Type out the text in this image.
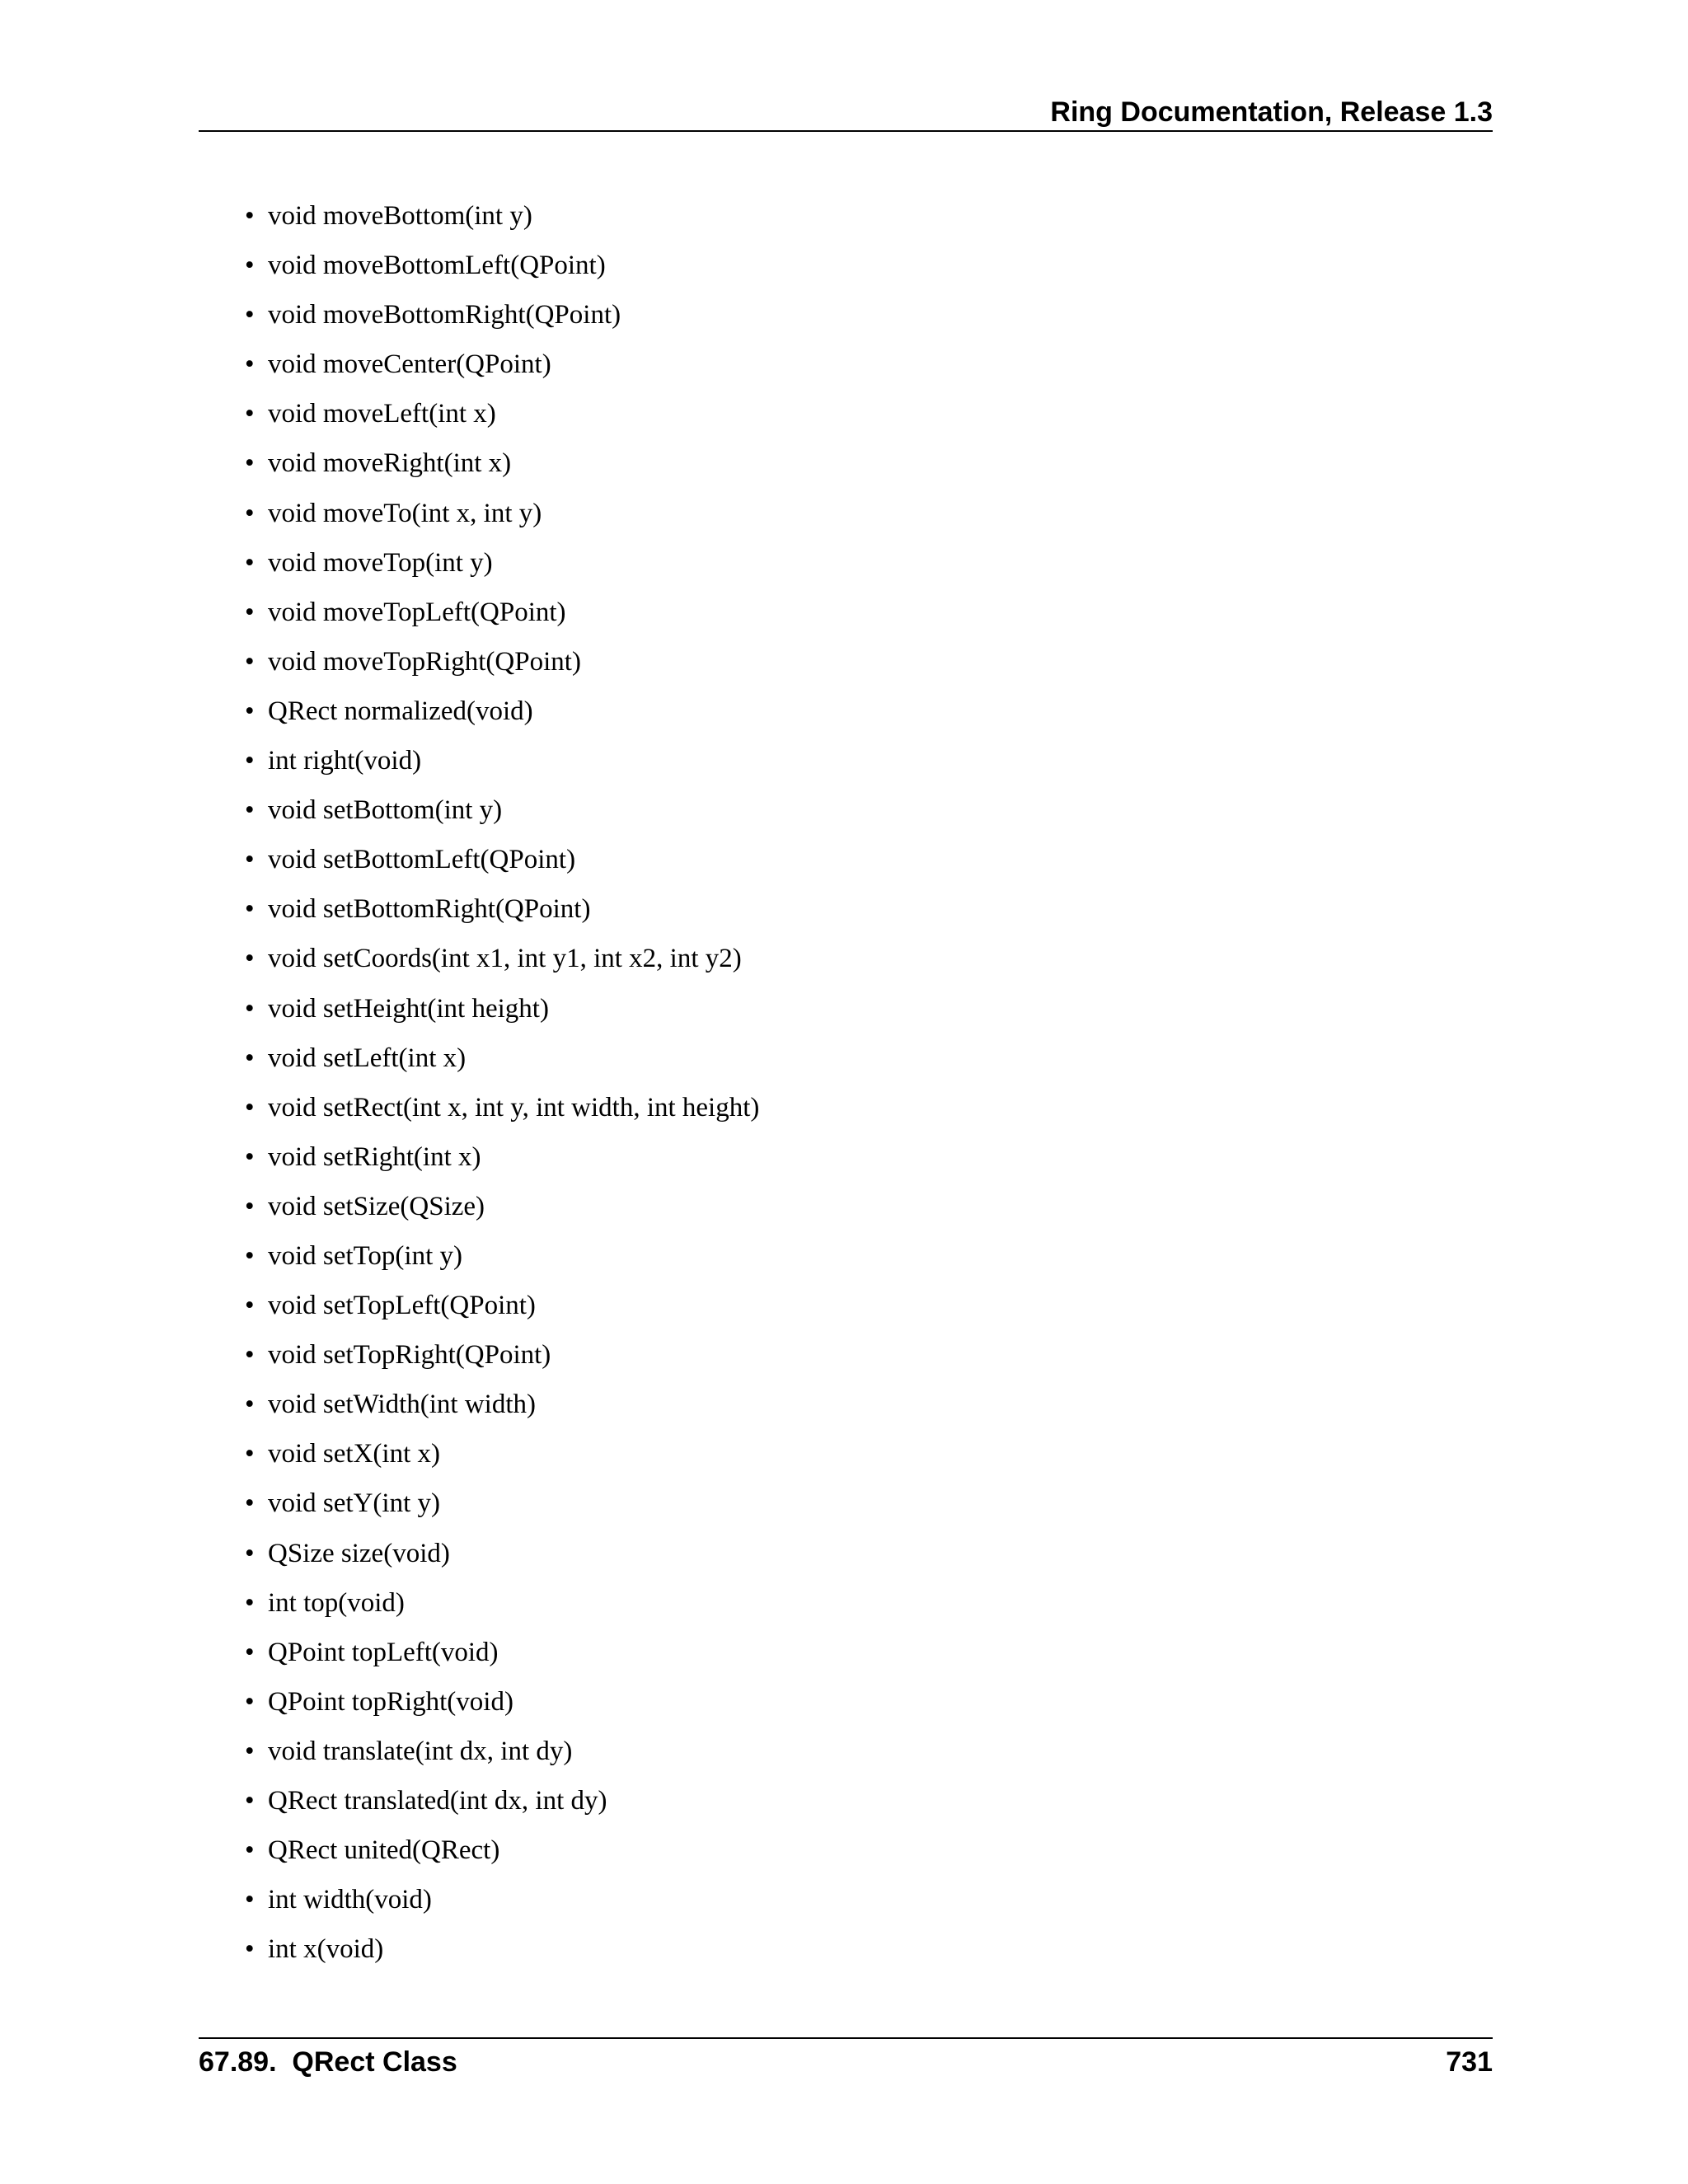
Ring Documentation, Release 1.3
• void moveBottom(int y)
• void moveBottomLeft(QPoint)
• void moveBottomRight(QPoint)
• void moveCenter(QPoint)
• void moveLeft(int x)
• void moveRight(int x)
• void moveTo(int x, int y)
• void moveTop(int y)
• void moveTopLeft(QPoint)
• void moveTopRight(QPoint)
• QRect normalized(void)
• int right(void)
• void setBottom(int y)
• void setBottomLeft(QPoint)
• void setBottomRight(QPoint)
• void setCoords(int x1, int y1, int x2, int y2)
• void setHeight(int height)
• void setLeft(int x)
• void setRect(int x, int y, int width, int height)
• void setRight(int x)
• void setSize(QSize)
• void setTop(int y)
• void setTopLeft(QPoint)
• void setTopRight(QPoint)
• void setWidth(int width)
• void setX(int x)
• void setY(int y)
• QSize size(void)
• int top(void)
• QPoint topLeft(void)
• QPoint topRight(void)
• void translate(int dx, int dy)
• QRect translated(int dx, int dy)
• QRect united(QRect)
• int width(void)
• int x(void)
67.89.  QRect Class	731
